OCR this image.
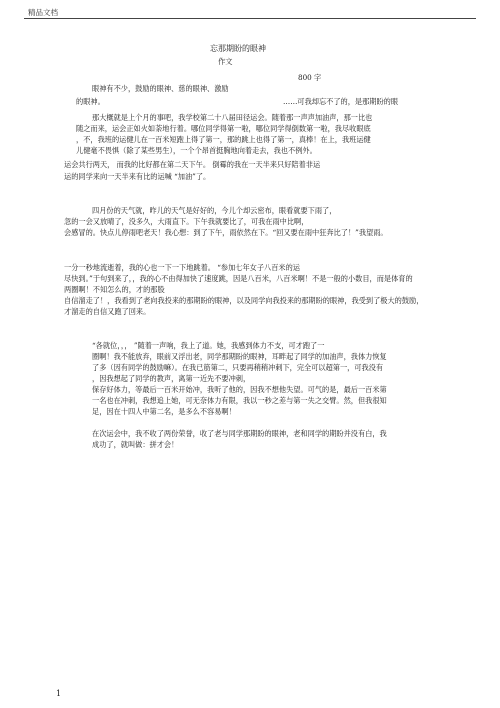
精品文档
忘那期盼的眼神
作文
800 字
眼神有不少，鼓励的眼神、慈的眼神、激励
……可我却忘不了的，是那期盼的眼
的眼神。
那大概就是上个月的事吧，我学校第二十八届田径运会。随着那一声声加油声，那一比也
随之而来，运会正如火如荼地行着。哪位同学得第一啦，哪位同学得倒数第一啦，我尽收眼底
，不，我班的运健儿在一百米短跑上得了第一，那的跳上也得了第一，真棒！在上，我班运健
儿健毫不畏惧（除了某些男生），一个个昂首挺胸地向着走去，我也不例外。
运会共行两天， 而我的比好都在第二天下午。 倒霉的我在一天半来只好陪着非运
运的同学来向一天半来有比的运喊 “加油”了。
四月份的天气就，昨儿的天气是好好的，今儿个却云密布，眼看就要下雨了，
忽的一会又放晴了，没多久，大雨直下。下午我就要比了，可我在雨中比啊，
会感冒的。快点儿停雨吧老天！我心想：到了下午，雨依然在下。“回又要在雨中狂奔比了！”我望雨。
一分一秒地流逝着，我的心也一下一下地跳着。 “参加七年女子八百米的运
尽快到。”于句到来了，，我的心不由得加快了速度跳，因是八百米，八百米啊！不是一般的小数目，而是体育的
两圈啊！不知怎么的，才的那股
自信溜走了！，我看到了老向我投来的那期盼的眼神，以及同学向我投来的那期盼的眼神，我受到了极大的鼓励，
才溜走的自信又跑了回来。
“各就位，，， ”随着一声响，我上了道。她，我感到体力不支，可才跑了一
圈啊！我不能放弃，眼前又浮出老，同学那期盼的眼神，耳畔起了同学的加油声，我体力恢复
了多（因有同学的鼓励嘛）。在我已筋第二，只要再稍稍冲刺下，完全可以超第一，可我没有
，因我想起了同学的教声，离第一近先不要冲刺，
保存好体力，等最后一百米开始冲，我听了他的，因我不想他失望。可气的是，最后一百米第
一名也在冲刺，我想追上她，可无奈体力有限，我以一秒之差与第一失之交臂。然，但我很知
足，因在十四人中第二名，是多么不容易啊！
在次运会中，我不收了两份荣誉，收了老与同学那期盼的眼神，老和同学的期盼并没有白，我
成功了，就叫做：拼才会！
1
